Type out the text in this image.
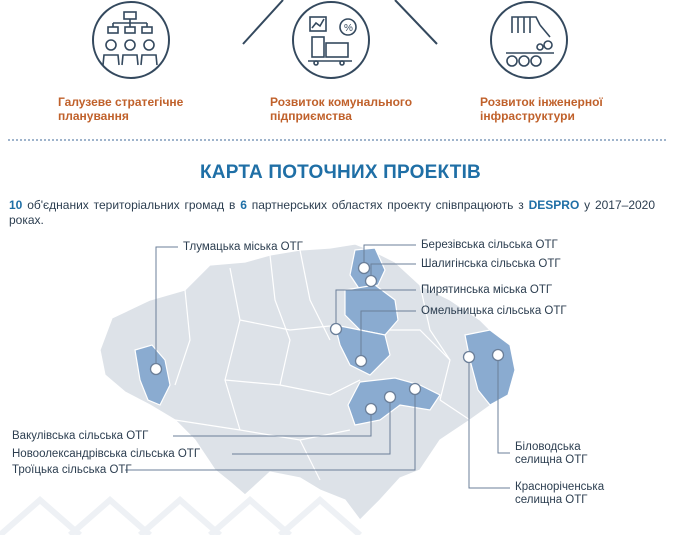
Галузеве стратегічне планування
%
Розвиток комунального підприємства
Розвиток інженерної інфраструктури
КАРТА ПОТОЧНИХ ПРОЕКТІВ
10 об'єднаних територіальних громад в 6 партнерських областях проекту співпрацюють з DESPRO у 2017–2020 роках.
Тлумацька міська ОТГ	Березівська сільська ОТГ
Шалигінська сільська ОТГ
Пирятинська міська ОТГ
Омельницька сільська ОТГ
Вакулівська сільська ОТГ
Новоолександрівська сільська ОТГ
Троїцька сільська ОТГ
Біловодська селищна ОТГ
Красноріченська селищна ОТГ
